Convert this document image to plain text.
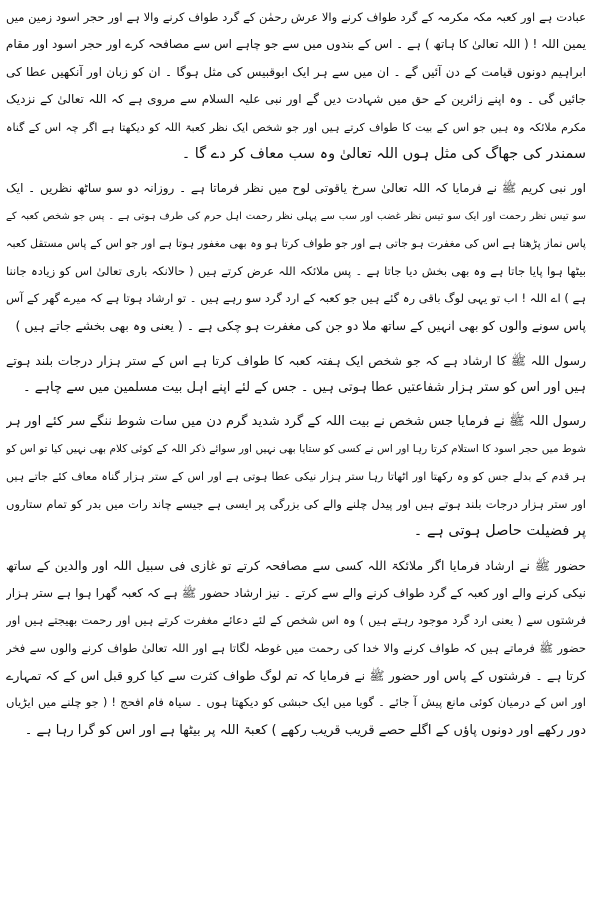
عبادت ہے اور کعبہ مکہ مکرمہ کے گرد طواف کرنے والا عرش رحمٰن کے گرد طواف کرنے والا ہے اور حجر اسود زمین میں
یمین اللہ ! ( اللہ تعالیٰ کا ہاتھ ) ہے ۔ اس کے بندوں میں سے جو چاہے اس سے مصافحہ کرے اور حجر اسود اور مقام
ابراہیم دونوں قیامت کے دن آئیں گے ۔ ان میں سے ہر ایک ابوقبیس کی مثل ہوگا ۔ ان کو زبان اور آنکھیں عطا کی
جائیں گی ۔ وہ اپنے زائرین کے حق میں شہادت دیں گے اور نبی علیہ السلام سے مروی ہے کہ اللہ تعالیٰ کے نزدیک
مکرم ملائکہ وہ ہیں جو اس کے بیت کا طواف کرتے ہیں اور جو شخص ایک نظر کعبۃ اللہ کو دیکھتا ہے اگر چہ اس کے گناہ
سمندر کی جھاگ کی مثل ہوں اللہ تعالیٰ وہ سب معاف کر دے گا ۔
اور نبی کریم ﷺ نے فرمایا کہ اللہ تعالیٰ سرخ یاقوتی لوح میں نظر فرماتا ہے ۔ روزانہ دو سو ساٹھ نظریں ۔ ایک
سو تیس نظر رحمت اور ایک سو تیس نظر غضب اور سب سے پہلی نظر رحمت اہل حرم کی طرف ہوتی ہے ۔ پس جو شخص کعبہ کے
پاس نماز پڑھتا ہے اس کی مغفرت ہو جاتی ہے اور جو طواف کرتا ہو وہ بھی مغفور ہوتا ہے اور جو اس کے پاس مستقل کعبہ
بیٹھا ہوا پایا جاتا ہے وہ بھی بخش دیا جاتا ہے ۔ پس ملائکہ اللہ عرض کرتے ہیں ( حالانکہ باری تعالیٰ اس کو زیادہ جاننا
ہے ) اے اللہ ! اب تو یہی لوگ باقی رہ گئے ہیں جو کعبہ کے ارد گرد سو رہے ہیں ۔ تو ارشاد ہوتا ہے کہ میرے گھر کے آس
پاس سونے والوں کو بھی انہیں کے ساتھ ملا دو جن کی مغفرت ہو چکی ہے ۔ ( یعنی وہ بھی بخشے جاتے ہیں )
رسول اللہ ﷺ کا ارشاد ہے کہ جو شخص ایک ہفتہ کعبہ کا طواف کرتا ہے اس کے ستر ہزار درجات بلند ہوتے
ہیں اور اس کو ستر ہزار شفاعتیں عطا ہوتی ہیں ۔ جس کے لئے اپنے اہل بیت مسلمین میں سے چاہے ۔
رسول اللہ ﷺ نے فرمایا جس شخص نے بیت اللہ کے گرد شدید گرم دن میں سات شوط ننگے سر کئے اور ہر
شوط میں حجر اسود کا استلام کرتا رہا اور اس نے کسی کو ستایا بھی نہیں اور سوائے ذکر اللہ کے کوئی کلام بھی نہیں کیا تو اس کو
ہر قدم کے بدلے جس کو وہ رکھتا اور اٹھاتا رہا ستر ہزار نیکی عطا ہوتی ہے اور اس کے ستر ہزار گناہ معاف کئے جاتے ہیں
اور ستر ہزار درجات بلند ہوتے ہیں اور پیدل چلنے والے کی بزرگی پر ایسی ہے جیسے چاند رات میں بدر کو تمام ستاروں
پر فضیلت حاصل ہوتی ہے ۔
حضور ﷺ نے ارشاد فرمایا اگر ملائکۃ اللہ کسی سے مصافحہ کرتے تو غازی فی سبیل اللہ اور والدین کے ساتھ
نیکی کرنے والے اور کعبہ کے گرد طواف کرنے والے سے کرتے ۔ نیز ارشاد حضور ﷺ ہے کہ کعبہ گھرا ہوا ہے ستر ہزار
فرشتوں سے ( یعنی ارد گرد موجود رہتے ہیں ) وہ اس شخص کے لئے دعائے مغفرت کرتے ہیں اور رحمت بھیجتے ہیں اور
حضور ﷺ فرماتے ہیں کہ طواف کرنے والا خدا کی رحمت میں غوطہ لگاتا ہے اور اللہ تعالیٰ طواف کرنے والوں سے فخر
کرتا ہے ۔ فرشتوں کے پاس اور حضور ﷺ نے فرمایا کہ تم لوگ طواف کثرت سے کیا کرو قبل اس کے کہ تمہارے
اور اس کے درمیان کوئی مانع پیش آ جائے ۔ گویا میں ایک حبشی کو دیکھتا ہوں ۔ سیاہ فام افحج ! ( جو چلنے میں ایڑیاں
دور رکھے اور دونوں پاؤں کے اگلے حصے قریب قریب رکھے ) کعبۃ اللہ پر بیٹھا ہے اور اس کو گرا رہا ہے ۔
